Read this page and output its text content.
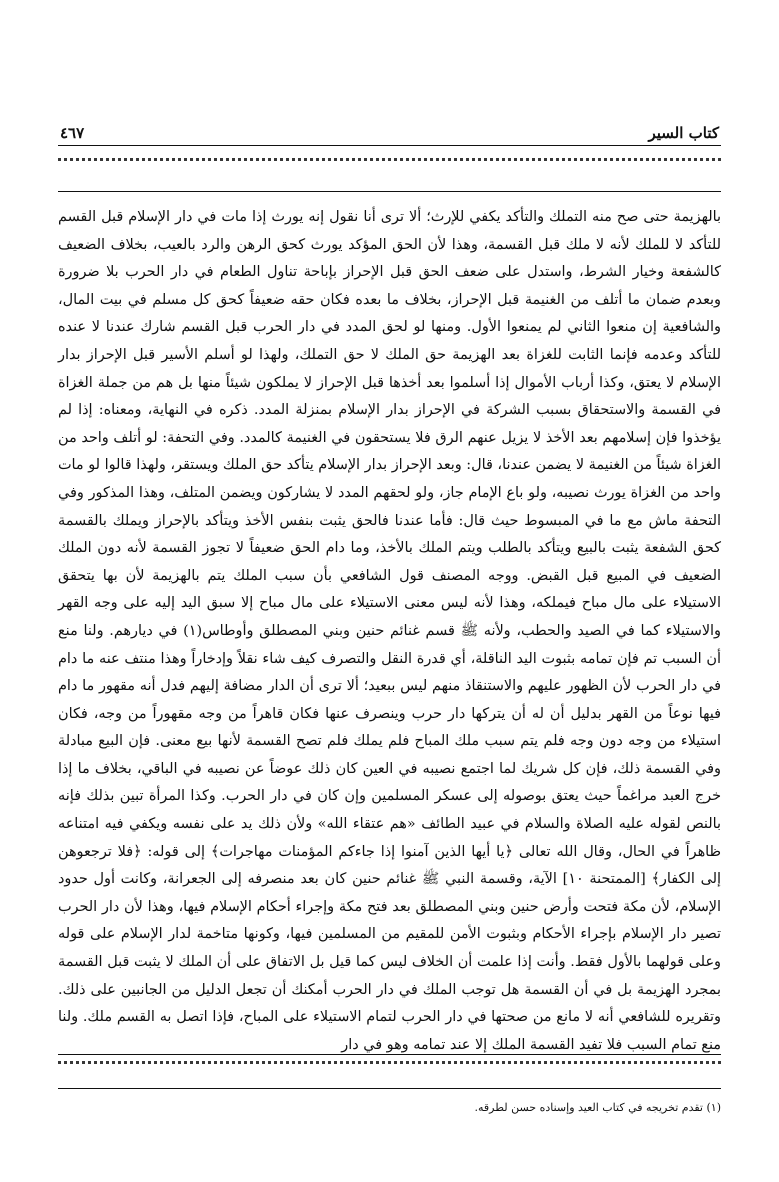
كتاب السير
٤٦٧

بالهزيمة حتى صح منه التملك والتأكد يكفي للإرث؛ ألا ترى أنا نقول إنه يورث إذا مات في دار الإسلام قبل القسم للتأكد لا للملك لأنه لا ملك قبل القسمة، وهذا لأن الحق المؤكد يورث كحق الرهن والرد بالعيب، بخلاف الضعيف كالشفعة وخيار الشرط، واستدل على ضعف الحق قبل الإحراز بإباحة تناول الطعام في دار الحرب بلا ضرورة وبعدم ضمان ما أتلف من الغنيمة قبل الإحراز، بخلاف ما بعده فكان حقه ضعيفاً كحق كل مسلم في بيت المال، والشافعية إن منعوا الثاني لم يمنعوا الأول. ومنها لو لحق المدد في دار الحرب قبل القسم شارك عندنا لا عنده للتأكد وعدمه فإنما الثابت للغزاة بعد الهزيمة حق الملك لا حق التملك، ولهذا لو أسلم الأسير قبل الإحراز بدار الإسلام لا يعتق، وكذا أرباب الأموال إذا أسلموا بعد أخذها قبل الإحراز لا يملكون شيئاً منها بل هم من جملة الغزاة في القسمة والاستحقاق بسبب الشركة في الإحراز بدار الإسلام بمنزلة المدد. ذكره في النهاية، ومعناه: إذا لم يؤخذوا فإن إسلامهم بعد الأخذ لا يزيل عنهم الرق فلا يستحقون في الغنيمة كالمدد. وفي التحفة: لو أتلف واحد من الغزاة شيئاً من الغنيمة لا يضمن عندنا، قال: وبعد الإحراز بدار الإسلام يتأكد حق الملك ويستقر، ولهذا قالوا لو مات واحد من الغزاة يورث نصيبه، ولو باع الإمام جاز، ولو لحقهم المدد لا يشاركون ويضمن المتلف، وهذا المذكور وفي التحفة ماش مع ما في المبسوط حيث قال: فأما عندنا فالحق يثبت بنفس الأخذ ويتأكد بالإحراز ويملك بالقسمة كحق الشفعة يثبت بالبيع ويتأكد بالطلب ويتم الملك بالأخذ، وما دام الحق ضعيفاً لا تجوز القسمة لأنه دون الملك الضعيف في المبيع قبل القبض. ووجه المصنف قول الشافعي بأن سبب الملك يتم بالهزيمة لأن بها يتحقق الاستيلاء على مال مباح فيملكه، وهذا لأنه ليس معنى الاستيلاء على مال مباح إلا سبق اليد إليه على وجه القهر والاستيلاء كما في الصيد والحطب، ولأنه ﷺ قسم غنائم حنين وبني المصطلق وأوطاس(١) في ديارهم. ولنا منع أن السبب تم فإن تمامه بثبوت اليد الناقلة، أي قدرة النقل والتصرف كيف شاء نقلاً وإدخاراً وهذا منتف عنه ما دام في دار الحرب لأن الظهور عليهم والاستنقاذ منهم ليس ببعيد؛ ألا ترى أن الدار مضافة إليهم فدل أنه مقهور ما دام فيها نوعاً من القهر بدليل أن له أن يتركها دار حرب وينصرف عنها فكان قاهراً من وجه مقهوراً من وجه، فكان استيلاء من وجه دون وجه فلم يتم سبب ملك المباح فلم يملك فلم تصح القسمة لأنها بيع معنى. فإن البيع مبادلة وفي القسمة ذلك، فإن كل شريك لما اجتمع نصيبه في العين كان ذلك عوضاً عن نصيبه في الباقي، بخلاف ما إذا خرج العبد مراغماً حيث يعتق بوصوله إلى عسكر المسلمين وإن كان في دار الحرب. وكذا المرأة تبين بذلك فإنه بالنص لقوله عليه الصلاة والسلام في عبيد الطائف «هم عتقاء الله» ولأن ذلك يد على نفسه ويكفي فيه امتناعه ظاهراً في الحال، وقال الله تعالى ﴿يا أيها الذين آمنوا إذا جاءكم المؤمنات مهاجرات﴾ إلى قوله: ﴿فلا ترجعوهن إلى الكفار﴾ [الممتحنة ١٠] الآية، وقسمة النبي ﷺ غنائم حنين كان بعد منصرفه إلى الجعرانة، وكانت أول حدود الإسلام، لأن مكة فتحت وأرض حنين وبني المصطلق بعد فتح مكة وإجراء أحكام الإسلام فيها، وهذا لأن دار الحرب تصير دار الإسلام بإجراء الأحكام وبثبوت الأمن للمقيم من المسلمين فيها، وكونها متاخمة لدار الإسلام على قوله وعلى قولهما بالأول فقط. وأنت إذا علمت أن الخلاف ليس كما قيل بل الاتفاق على أن الملك لا يثبت قبل القسمة بمجرد الهزيمة بل في أن القسمة هل توجب الملك في دار الحرب أمكنك أن تجعل الدليل من الجانبين على ذلك. وتقريره للشافعي أنه لا مانع من صحتها في دار الحرب لتمام الاستيلاء على المباح، فإذا اتصل به القسم ملك. ولنا منع تمام السبب فلا تفيد القسمة الملك إلا عند تمامه وهو في دار

(١) تقدم تخريجه في كتاب العيد وإسناده حسن لطرقه.
